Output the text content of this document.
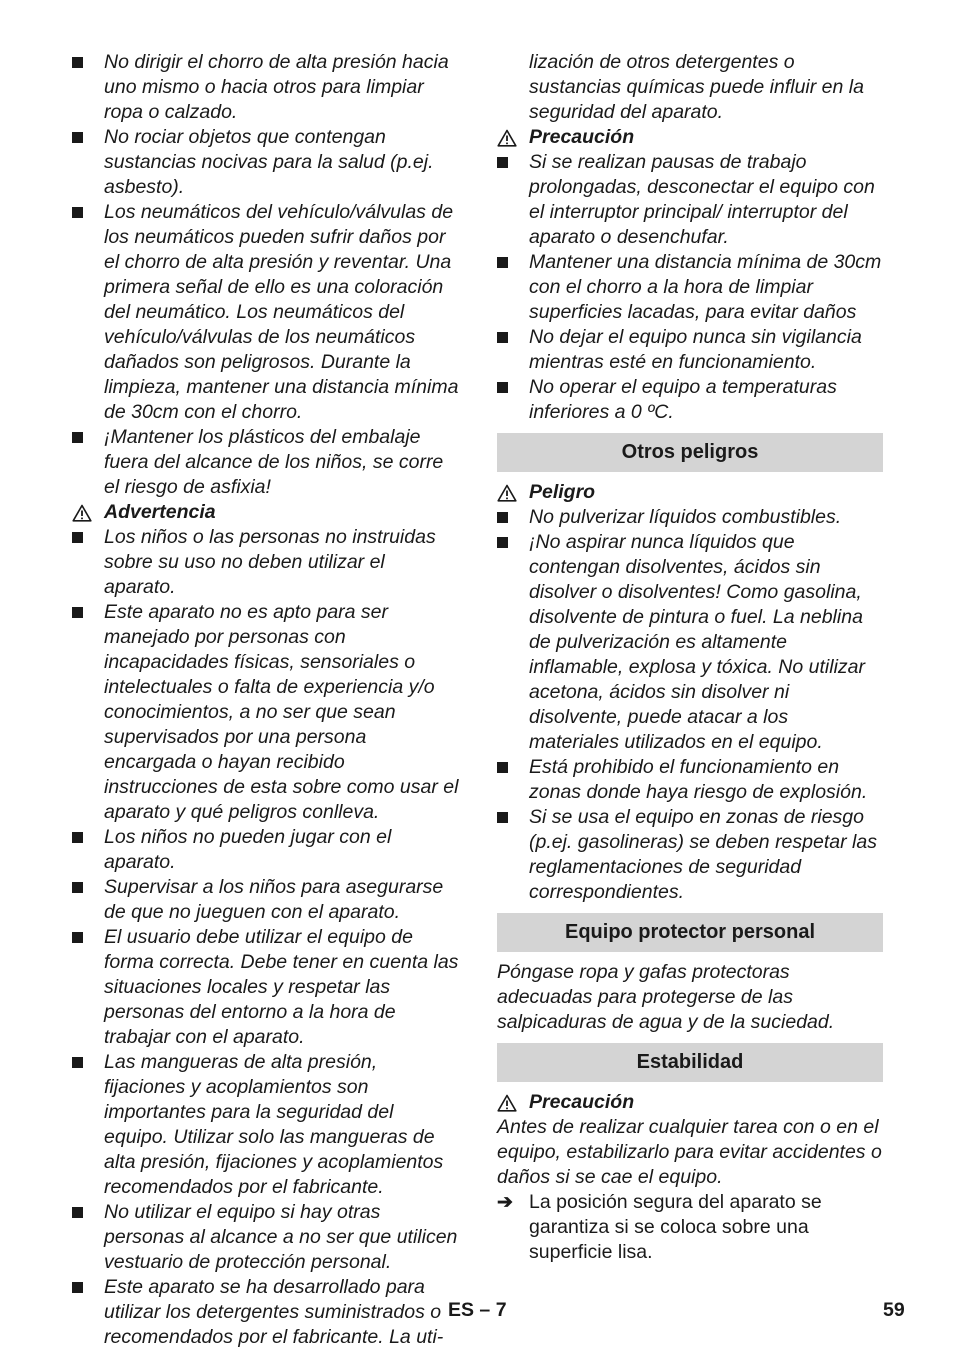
No dirigir el chorro de alta presión hacia uno mismo o hacia otros para limpiar ropa o calzado.
No rociar objetos que contengan sustancias nocivas para la salud (p.ej. asbesto).
Los neumáticos del vehículo/válvulas de los neumáticos pueden sufrir daños por el chorro de alta presión y reventar. Una primera señal de ello es una coloración del neumático. Los neumáticos del vehículo/válvulas de los neumáticos dañados son peligrosos. Durante la limpieza, mantener una distancia mínima de 30cm con el chorro.
¡Mantener los plásticos del embalaje fuera del alcance de los niños, se corre el riesgo de asfixia!
Advertencia
Los niños o las personas no instruidas sobre su uso no deben utilizar el aparato.
Este aparato no es apto para ser manejado por personas con incapacidades físicas, sensoriales o intelectuales o falta de experiencia y/o conocimientos, a no ser que sean supervisados por una persona encargada o hayan recibido instrucciones de esta sobre como usar el aparato y qué peligros conlleva.
Los niños no pueden jugar con el aparato.
Supervisar a los niños para asegurarse de que no jueguen con el aparato.
El usuario debe utilizar el equipo de forma correcta. Debe tener en cuenta las situaciones locales y respetar las personas del entorno a la hora de trabajar con el aparato.
Las mangueras de alta presión, fijaciones y acoplamientos son importantes para la seguridad del equipo. Utilizar solo las mangueras de alta presión, fijaciones y acoplamientos recomendados por el fabricante.
No utilizar el equipo si hay otras personas al alcance a no ser que utilicen vestuario de protección personal.
Este aparato se ha desarrollado para utilizar los detergentes suministrados o recomendados por el fabricante. La uti-
lización de otros detergentes o sustancias químicas puede influir en la seguridad del aparato.
Precaución
Si se realizan pausas de trabajo prolongadas, desconectar el equipo con el interruptor principal/ interruptor del aparato o desenchufar.
Mantener una distancia mínima de 30cm con el chorro a la hora de limpiar superficies lacadas, para evitar daños
No dejar el equipo nunca sin vigilancia mientras esté en funcionamiento.
No operar el equipo a temperaturas inferiores a 0 ºC.
Otros peligros
Peligro
No pulverizar líquidos combustibles.
¡No aspirar nunca líquidos que contengan disolventes, ácidos sin disolver o disolventes! Como gasolina, disolvente de pintura o fuel. La neblina de pulverización es altamente inflamable, explosa y tóxica. No utilizar acetona, ácidos sin disolver ni disolvente, puede atacar a los materiales utilizados en el equipo.
Está prohibido el funcionamiento en zonas donde haya riesgo de explosión.
Si se usa el equipo en zonas de riesgo (p.ej. gasolineras) se deben respetar las reglamentaciones de seguridad correspondientes.
Equipo protector personal
Póngase ropa y gafas protectoras adecuadas para protegerse de las salpicaduras de agua y de la suciedad.
Estabilidad
Precaución
Antes de realizar cualquier tarea con o en el equipo, estabilizarlo para evitar accidentes o daños si se cae el equipo.
➔ La posición segura del aparato se garantiza si se coloca sobre una superficie lisa.
ES – 7	59
